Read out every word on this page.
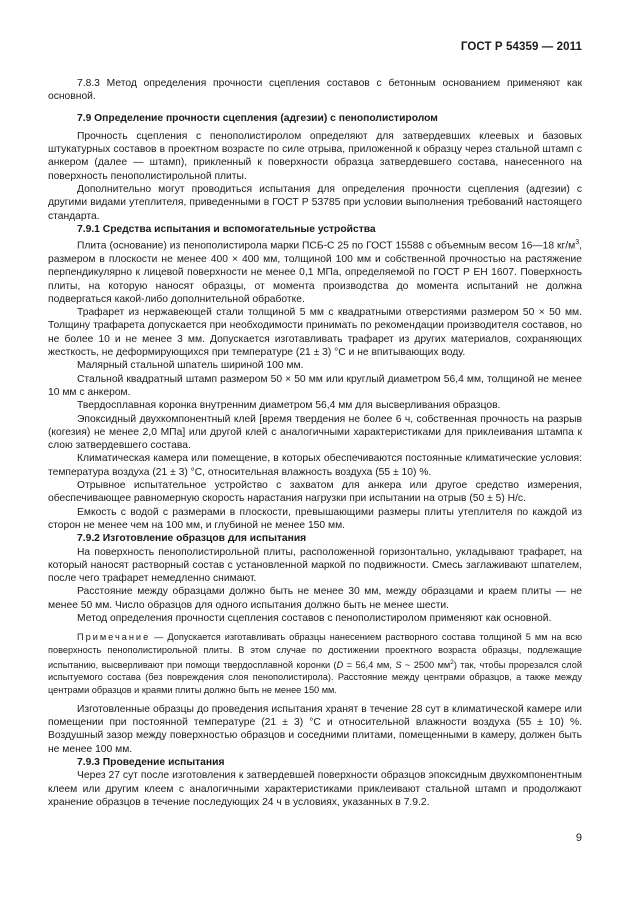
ГОСТ Р 54359 — 2011

7.8.3 Метод определения прочности сцепления составов с бетонным основанием применяют как основной.

7.9 Определение прочности сцепления (адгезии) с пенополистиролом

Прочность сцепления с пенополистиролом определяют для затвердевших клеевых и базовых штукатурных составов в проектном возрасте по силе отрыва, приложенной к образцу через стальной штамп с анкером (далее — штамп), прикленный к поверхности образца затвердевшего состава, нанесенного на поверхность пенополистирольной плиты.

Дополнительно могут проводиться испытания для определения прочности сцепления (адгезии) с другими видами утеплителя, приведенными в ГОСТ Р 53785 при условии выполнения требований настоящего стандарта.

7.9.1 Средства испытания и вспомогательные устройства

Плита (основание) из пенополистирола марки ПСБ-С 25 по ГОСТ 15588 с объемным весом 16—18 $кг/м^3$, размером в плоскости не менее 400 × 400 мм, толщиной 100 мм и собственной прочностью на растяжение перпендикулярно к лицевой поверхности не менее 0,1 МПа, определяемой по ГОСТ Р ЕН 1607. Поверхность плиты, на которую наносят образцы, от момента производства до момента испытаний не должна подвергаться какой-либо дополнительной обработке.

Трафарет из нержавеющей стали толщиной 5 мм с квадратными отверстиями размером 50 × 50 мм. Толщину трафарета допускается при необходимости принимать по рекомендации производителя составов, но не более 10 и не менее 3 мм. Допускается изготавливать трафарет из других материалов, сохраняющих жесткость, не деформирующихся при температуре (21 ± 3) °С и не впитывающих воду.

Малярный стальной шпатель шириной 100 мм.

Стальной квадратный штамп размером 50 × 50 мм или круглый диаметром 56,4 мм, толщиной не менее 10 мм с анкером.

Твердосплавная коронка внутренним диаметром 56,4 мм для высверливания образцов.

Эпоксидный двухкомпонентный клей [время твердения не более 6 ч, собственная прочность на разрыв (когезия) не менее 2,0 МПа] или другой клей с аналогичными характеристиками для приклеивания штампа к слою затвердевшего состава.

Климатическая камера или помещение, в которых обеспечиваются постоянные климатические условия: температура воздуха (21 ± 3) °С, относительная влажность воздуха (55 ± 10) %.

Отрывное испытательное устройство с захватом для анкера или другое средство измерения, обеспечивающее равномерную скорость нарастания нагрузки при испытании на отрыв (50 ± 5) Н/с.

Емкость с водой с размерами в плоскости, превышающими размеры плиты утеплителя по каждой из сторон не менее чем на 100 мм, и глубиной не менее 150 мм.

7.9.2 Изготовление образцов для испытания

На поверхность пенополистирольной плиты, расположенной горизонтально, укладывают трафарет, на который наносят растворный состав с установленной маркой по подвижности. Смесь заглаживают шпателем, после чего трафарет немедленно снимают.

Расстояние между образцами должно быть не менее 30 мм, между образцами и краем плиты — не менее 50 мм. Число образцов для одного испытания должно быть не менее шести.

Метод определения прочности сцепления составов с пенополистиролом применяют как основной.

Примечание — Допускается изготавливать образцы нанесением растворного состава толщиной 5 мм на всю поверхность пенополистирольной плиты. В этом случае по достижении проектного возраста образцы, подлежащие испытанию, высверливают при помощи твердосплавной коронки (D = 56,4 мм, S ~ 2500 $мм^2$) так, чтобы прорезался слой испытуемого состава (без повреждения слоя пенополистирола). Расстояние между центрами образцов, а также между центрами образцов и краями плиты должно быть не менее 150 мм.

Изготовленные образцы до проведения испытания хранят в течение 28 сут в климатической камере или помещении при постоянной температуре (21 ± 3) °С и относительной влажности воздуха (55 ± 10) %. Воздушный зазор между поверхностью образцов и соседними плитами, помещенными в камеру, должен быть не менее 100 мм.

7.9.3 Проведение испытания

Через 27 сут после изготовления к затвердевшей поверхности образцов эпоксидным двухкомпонентным клеем или другим клеем с аналогичными характеристиками приклеивают стальной штамп и продолжают хранение образцов в течение последующих 24 ч в условиях, указанных в 7.9.2.

9
